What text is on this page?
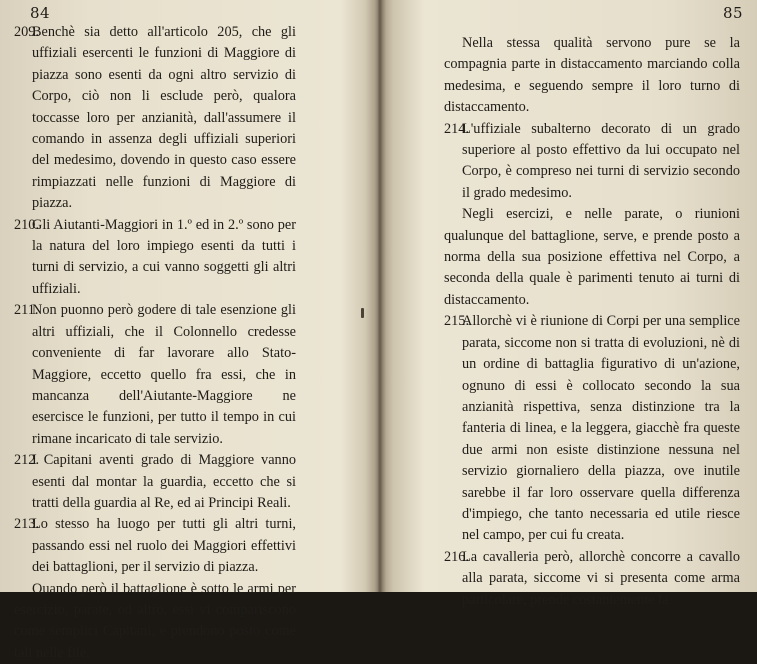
84

209.Benchè sia detto all'articolo 205, che gli uffiziali esercenti le funzioni di Maggiore di piazza sono esenti da ogni altro servizio di Corpo, ciò non li esclude però, qualora toccasse loro per anzianità, dall'assumere il comando in assenza degli uffiziali superiori del medesimo, dovendo in questo caso essere rimpiazzati nelle funzioni di Maggiore di piazza.

210.Gli Aiutanti-Maggiori in 1.º ed in 2.º sono per la natura del loro impiego esenti da tutti i turni di servizio, a cui vanno soggetti gli altri uffiziali.

211.Non puonno però godere di tale esenzione gli altri uffiziali, che il Colonnello credesse conveniente di far lavorare allo Stato-Maggiore, eccetto quello fra essi, che in mancanza dell'Aiutante-Maggiore ne esercisce le funzioni, per tutto il tempo in cui rimane incaricato di tale servizio.

212.I Capitani aventi grado di Maggiore vanno esenti dal montar la guardia, eccetto che si tratti della guardia al Re, ed ai Principi Reali.

213.Lo stesso ha luogo per tutti gli altri turni, passando essi nel ruolo dei Maggiori effettivi dei battaglioni, per il servizio di piazza.

Quando però il battaglione è sotto le armi per esercizio, parate, od altro, essi vi compariscono come semplici Capitani, e prendono posto come tali nelle file.

85

Nella stessa qualità servono pure se la compagnia parte in distaccamento marciando colla medesima, e seguendo sempre il loro turno di distaccamento.

214.L'uffiziale subalterno decorato di un grado superiore al posto effettivo da lui occupato nel Corpo, è compreso nei turni di servizio secondo il grado medesimo.

Negli esercizi, e nelle parate, o riunioni qualunque del battaglione, serve, e prende posto a norma della sua posizione effettiva nel Corpo, a seconda della quale è parimenti tenuto ai turni di distaccamento.

215.Allorchè vi è riunione di Corpi per una semplice parata, siccome non si tratta di evoluzioni, nè di un ordine di battaglia figurativo di un'azione, ognuno di essi è collocato secondo la sua anzianità rispettiva, senza distinzione tra la fanteria di linea, e la leggera, giacchè fra queste due armi non esiste distinzione nessuna nel servizio giornaliero della piazza, ove inutile sarebbe il far loro osservare quella differenza d'impiego, che tanto necessaria ed utile riesce nel campo, per cui fu creata.

216.La cavalleria però, allorchè concorre a cavallo alla parata, siccome vi si presenta come arma particolare, prende costantemente la
